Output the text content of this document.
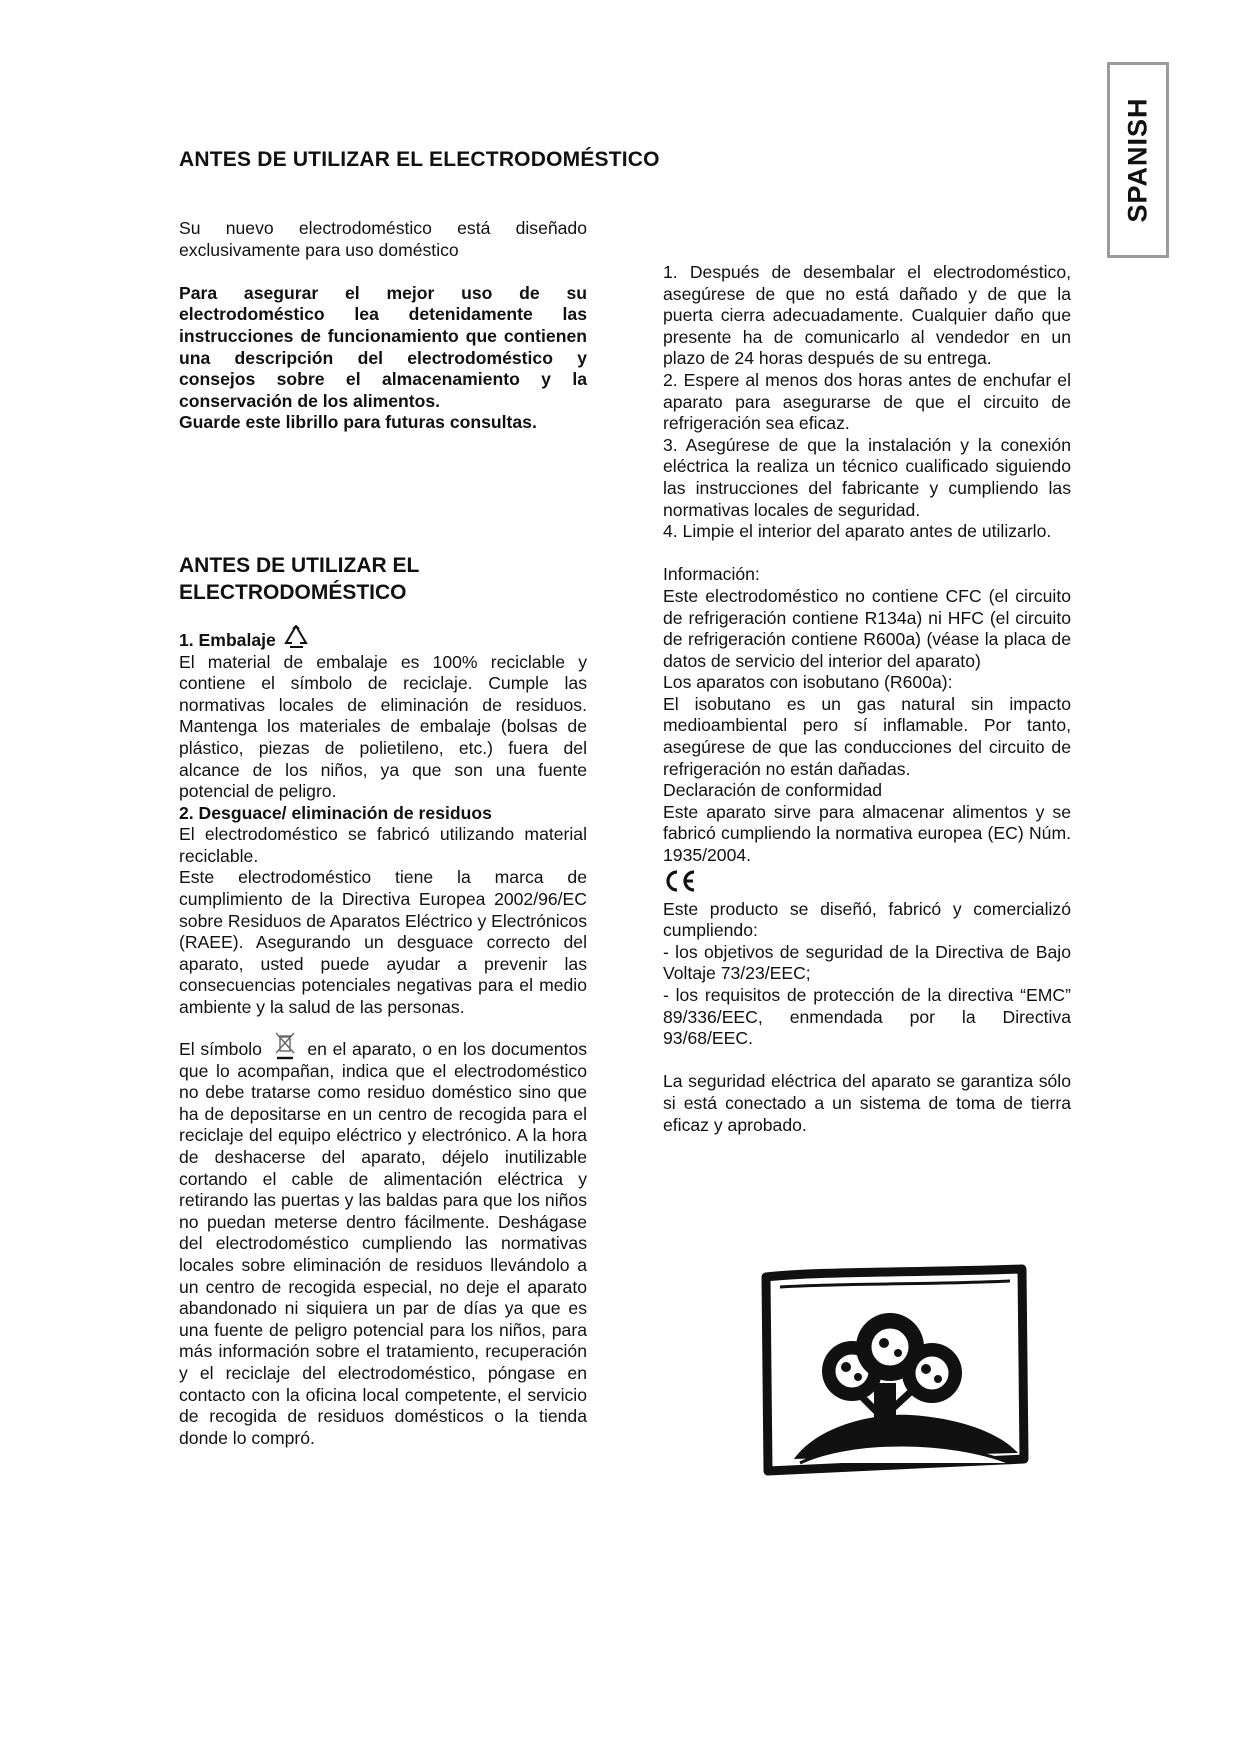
SPANISH
ANTES DE UTILIZAR EL ELECTRODOMÉSTICO

Su nuevo electrodoméstico está diseñado exclusivamente para uso doméstico

Para asegurar el mejor uso de su electrodoméstico lea detenidamente las instrucciones de funcionamiento que contienen una descripción del electrodoméstico y consejos sobre el almacenamiento y la conservación de los alimentos.

Guarde este librillo para futuras consultas.

ANTES DE UTILIZAR EL

ELECTRODOMÉSTICO

1. Embalaje

El material de embalaje es 100% reciclable y contiene el símbolo de reciclaje. Cumple las normativas locales de eliminación de residuos. Mantenga los materiales de embalaje (bolsas de plástico, piezas de polietileno, etc.) fuera del alcance de los niños, ya que son una fuente potencial de peligro.

2. Desguace/ eliminación de residuos

El electrodoméstico se fabricó utilizando material reciclable.

Este electrodoméstico tiene la marca de cumplimiento de la Directiva Europea 2002/96/EC sobre Residuos de Aparatos Eléctrico y Electrónicos (RAEE). Asegurando un desguace correcto del aparato, usted puede ayudar a prevenir las consecuencias potenciales negativas para el medio ambiente y la salud de las personas.

El símbolo	en el aparato, o en los documentos que lo acompañan, indica que el electrodoméstico no debe tratarse como residuo doméstico sino que ha de depositarse en un centro de recogida para el reciclaje del equipo eléctrico y electrónico. A la hora de deshacerse del aparato, déjelo inutilizable cortando el cable de alimentación eléctrica y retirando las puertas y las baldas para que los niños no puedan meterse dentro fácilmente. Deshágase del electrodoméstico cumpliendo las normativas locales sobre eliminación de residuos llevándolo a un centro de recogida especial, no deje el aparato abandonado ni siquiera un par de días ya que es una fuente de peligro potencial para los niños, para más información sobre el tratamiento, recuperación y el reciclaje del electrodoméstico, póngase en contacto con la oficina local competente, el servicio de recogida de residuos domésticos o la tienda donde lo compró.

1. Después de desembalar el electrodoméstico, asegúrese de que no está dañado y de que la puerta cierra adecuadamente. Cualquier daño que presente ha de comunicarlo al vendedor en un plazo de 24 horas después de su entrega.

2. Espere al menos dos horas antes de enchufar el aparato para asegurarse de que el circuito de refrigeración sea eficaz.

3. Asegúrese de que la instalación y la conexión eléctrica la realiza un técnico cualificado siguiendo las instrucciones del fabricante y cumpliendo las normativas locales de seguridad.

4. Limpie el interior del aparato antes de utilizarlo.

Información:

Este electrodoméstico no contiene CFC (el circuito de refrigeración contiene R134a) ni HFC (el circuito de refrigeración contiene R600a) (véase la placa de datos de servicio del interior del aparato)

Los aparatos con isobutano (R600a):

El isobutano es un gas natural sin impacto medioambiental pero sí inflamable. Por tanto, asegúrese de que las conducciones del circuito de refrigeración no están dañadas.

Declaración de conformidad

Este aparato sirve para almacenar alimentos y se fabricó cumpliendo la normativa europea (EC) Núm. 1935/2004.

Este producto se diseñó, fabricó y comercializó cumpliendo:

- los objetivos de seguridad de la Directiva de Bajo Voltaje 73/23/EEC;

- los requisitos de protección de la directiva “EMC” 89/336/EEC, enmendada por la Directiva 93/68/EEC.

La seguridad eléctrica del aparato se garantiza sólo si está conectado a un sistema de toma de tierra eficaz y aprobado.
